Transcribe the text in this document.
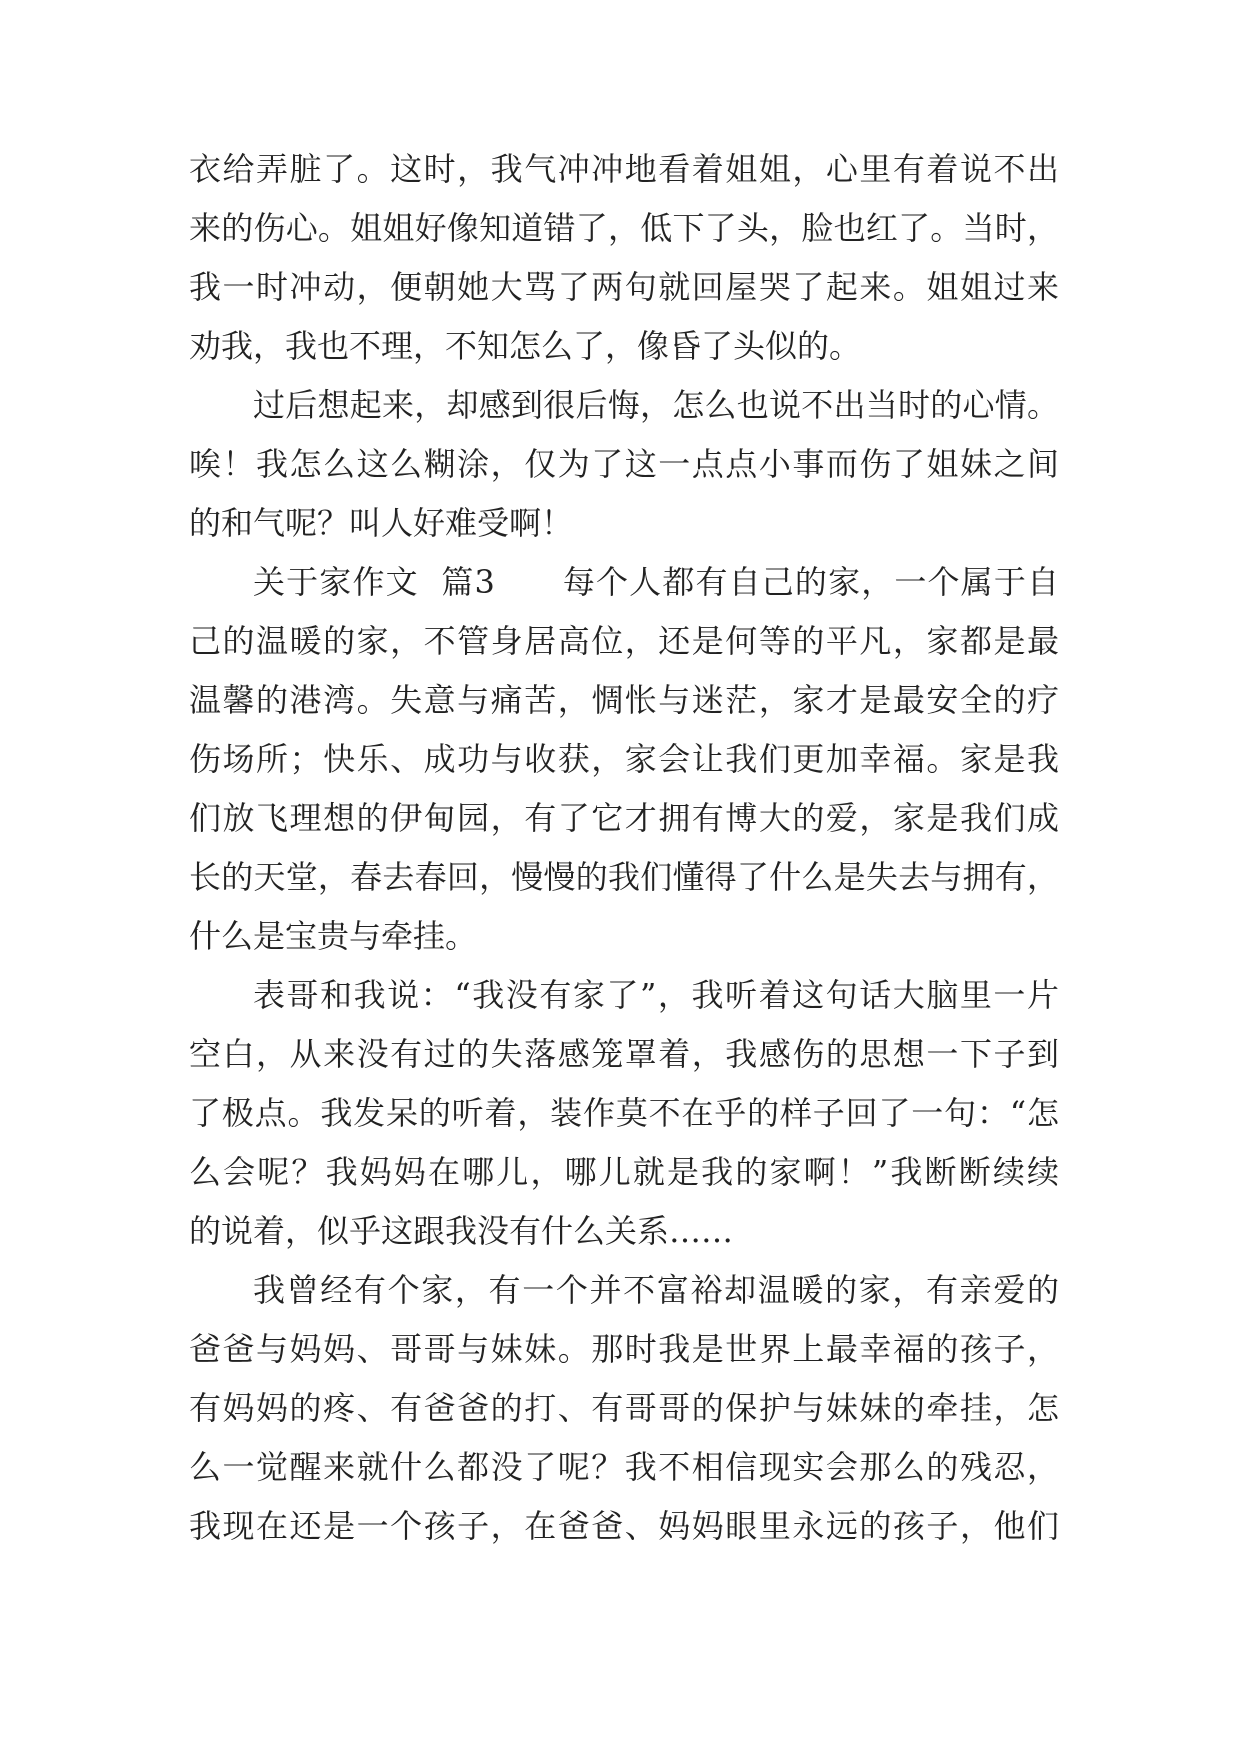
衣给弄脏了。这时，我气冲冲地看着姐姐，心里有着说不出
来的伤心。姐姐好像知道错了，低下了头，脸也红了。当时，
我一时冲动，便朝她大骂了两句就回屋哭了起来。姐姐过来
劝我，我也不理，不知怎么了，像昏了头似的。
过后想起来，却感到很后悔，怎么也说不出当时的心情。
唉！我怎么这么糊涂，仅为了这一点点小事而伤了姐妹之间
的和气呢？叫人好难受啊！
关于家作文  篇3      每个人都有自己的家，一个属于自
己的温暖的家，不管身居高位，还是何等的平凡，家都是最
温馨的港湾。失意与痛苦，惆怅与迷茫，家才是最安全的疗
伤场所；快乐、成功与收获，家会让我们更加幸福。家是我
们放飞理想的伊甸园，有了它才拥有博大的爱，家是我们成
长的天堂，春去春回，慢慢的我们懂得了什么是失去与拥有，
什么是宝贵与牵挂。
表哥和我说：“我没有家了”，我听着这句话大脑里一片
空白，从来没有过的失落感笼罩着，我感伤的思想一下子到
了极点。我发呆的听着，装作莫不在乎的样子回了一句：“怎
么会呢？我妈妈在哪儿，哪儿就是我的家啊！”我断断续续
的说着，似乎这跟我没有什么关系……
我曾经有个家，有一个并不富裕却温暖的家，有亲爱的
爸爸与妈妈、哥哥与妹妹。那时我是世界上最幸福的孩子，
有妈妈的疼、有爸爸的打、有哥哥的保护与妹妹的牵挂，怎
么一觉醒来就什么都没了呢？我不相信现实会那么的残忍，
我现在还是一个孩子，在爸爸、妈妈眼里永远的孩子，他们
